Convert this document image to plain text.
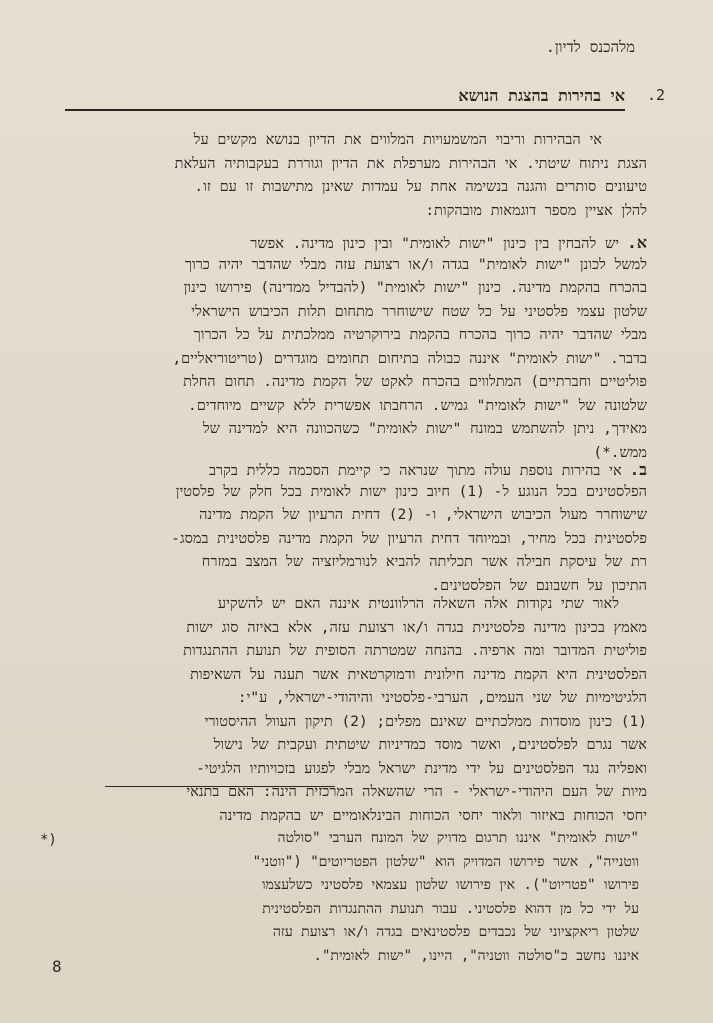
מלהכנס לדיון.
.2
אי בהירות בהצגת הנושא
אי הבהירות וריבוי המשמעויות המלווים את הדיון בנושא מקשים על
הצגת ניתוח שיטתי. אי הבהירות מערפלת את הדיון וגוררת בעקבותיה העלאת
טיעונים סותרים והגנה בנשימה אחת על עמדות שאינן מתישבות זו עם זו.
להלן אציין מספר דוגמאות מובהקות:
א.יש להבחין בין כינון "ישות לאומית" ובין כינון מדינה. אפשר
למשל לכונן "ישות לאומית" בגדה ו/או רצועת עזה מבלי שהדבר יהיה כרוך
בהכרח בהקמת מדינה. כינון "ישות לאומית" (להבדיל ממדינה) פירושו כינון
שלטון עצמי פלסטיני על כל שטח שישוחרר מתחום תלות הכיבוש הישראלי
מבלי שהדבר יהיה כרוך בהכרח בהקמת בירוקרטיה ממלכתית על כל הכרוך
בדבר. "ישות לאומית" איננה כבולה בתיחום תחומים מוגדרים (טריטוריאליים,
פוליטיים וחברתיים) המתלווים בהכרח לאקט של הקמת מדינה. תחום החלת
שלטונה של "ישות לאומית" גמיש. הרחבתו אפשרית ללא קשיים מיוחדים.
מאידך, ניתן להשתמש במונח "ישות לאומית" כשהכוונה היא למדינה של
ממש.*)
ב.אי בהירות נוספת עולה מתוך שנראה כי קיימת הסכמה כללית בקרב
הפלסטינים בכל הנוגע ל- (1) חיוב כינון ישות לאומית בכל חלק של פלסטין
שישוחרר מעול הכיבוש הישראלי, ו- (2) דחית הרעיון של הקמת מדינה
פלסטינית בכל מחיר, ובמיוחד דחית הרעיון של הקמת מדינה פלסטינית במסג-
רת של עיסקת חבילה אשר תכליתה להביא לנורמליזציה של המצב במזרח
התיכון על חשבונם של הפלסטינים.
לאור שתי נקודות אלה השאלה הרלוונטית איננה האם יש להשקיע
מאמץ בכינון מדינה פלסטינית בגדה ו/או רצועת עזה, אלא באיזה סוג ישות
פוליטית המדובר ומה ארפיה. בהנחה שמטרתה הסופית של תנועת ההתנגדות
הפלסטינית היא הקמת מדינה חילונית ודמוקרטאית אשר תענה על השאיפות
הלגיטימיות של שני העמים, הערבי-פלסטיני והיהודי-ישראלי, ע"י:
(1) כינון מוסדות ממלכתיים שאינם מפלים; (2) תיקון העוול ההיסטורי
אשר נגרם לפלסטינים, ואשר מוסד כמדיניות שיטתית ועקבית של נישול
ואפליה נגד הפלסטינים על ידי מדינת ישראל מבלי לפגוע בזכויותיו הלגיטי-
מיות של העם היהודי-ישראלי - הרי שהשאלה המרכזית הינה: האם בתנאי
יחסי הכוחות באיזור ולאור יחסי הכוחות הבינלאומיים יש בהקמת מדינה
*)	"ישות לאומית" איננו תרגום מדויק של המונח הערבי "סולטה
ווטנייה", אשר פירושו המדויק הוא "שלטון הפטריוטים" ("ווטני"
פירושו "פטריוט"). אין פירושו שלטון עצמאי פלסטיני כשלעצמו
על ידי כל מן דהוא פלסטיני. עבור תנועת ההתנגדות הפלסטינית
שלטון ריאקציוני של נכבדים פלסטינאים בגדה ו/או רצועת עזה
איננו נחשב כ"סולטה ווטניה", היינו, "ישות לאומית".
8
